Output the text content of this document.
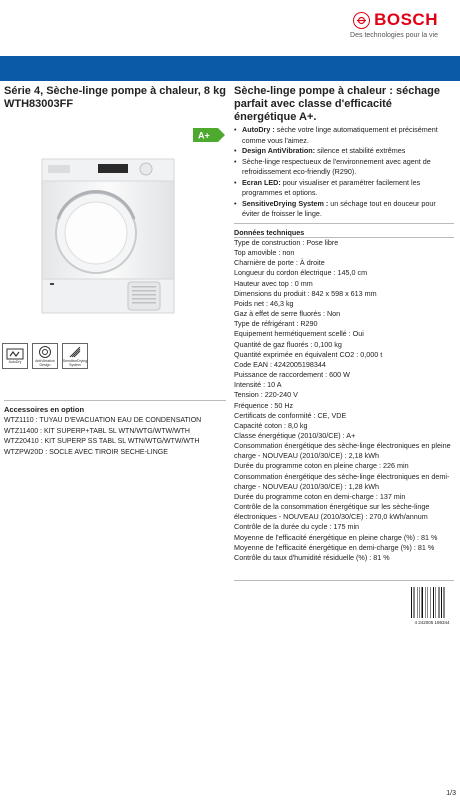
BOSCH
Des technologies pour la vie
Série 4, Sèche-linge pompe à chaleur, 8 kg
WTH83003FF
Sèche-linge pompe à chaleur : séchage parfait avec classe d'efficacité énergétique A+.
A+
• AutoDry : sèche votre linge automatiquement et précisément comme vous l'aimez.
• Design AntiVibration: silence et stabilité extrêmes
• Sèche-linge respectueux de l'environnement avec agent de refroidissement eco-friendly (R290).
• Ecran LED: pour visualiser et paramétrer facilement les programmes et options.
• SensitiveDrying System : un séchage tout en douceur pour éviter de froisser le linge.
Données techniques
Type de construction : Pose libre
Top amovible : non
Charnière de porte : À droite
Longueur du cordon électrique : 145,0 cm
Hauteur avec top : 0 mm
Dimensions du produit : 842 x 598 x 613 mm
Poids net : 46,3 kg
Gaz à effet de serre fluorés : Non
Type de réfrigérant : R290
Equipement hermétiquement scellé : Oui
Quantité de gaz fluorés : 0,100 kg
Quantité exprimée en équivalent CO2 : 0,000 t
Code EAN : 4242005198344
Puissance de raccordement : 600 W
Intensité : 10 A
Tension : 220-240 V
Fréquence : 50 Hz
Certificats de conformité : CE, VDE
Capacité coton : 8,0 kg
Classe énergétique (2010/30/CE) : A+
Consommation énergétique des sèche-linge électroniques en pleine charge - NOUVEAU (2010/30/CE) : 2,18 kWh
Durée du programme coton en pleine charge : 226 min
Consommation énergétique des sèche-linge électroniques en demi-charge - NOUVEAU (2010/30/CE) : 1,28 kWh
Durée du programme coton en demi-charge : 137 min
Contrôle de la consommation énergétique sur les sèche-linge électroniques - NOUVEAU (2010/30/CE) : 270,0 kWh/annum
Contrôle de la durée du cycle : 175 min
Moyenne de l'efficacité énergétique en pleine charge (%) : 81 %
Moyenne de l'efficacité énergétique en demi-charge (%) : 81 %
Contrôle du taux d'humidité résiduelle (%) : 81 %
AutoDry	AntiVibration Design
SensitiveDrying System
Accessoires en option
WTZ1110 : TUYAU D'EVACUATION EAU DE CONDENSATION
WTZ11400 : KIT SUPERP+TABL SL WTN/WTG/WTW/WTH
WTZ20410 : KIT SUPERP SS TABL SL WTN/WTG/WTW/WTH
WTZPW20D : SOCLE AVEC TIROIR SECHE-LINGE
4 242005 198344
1/3
